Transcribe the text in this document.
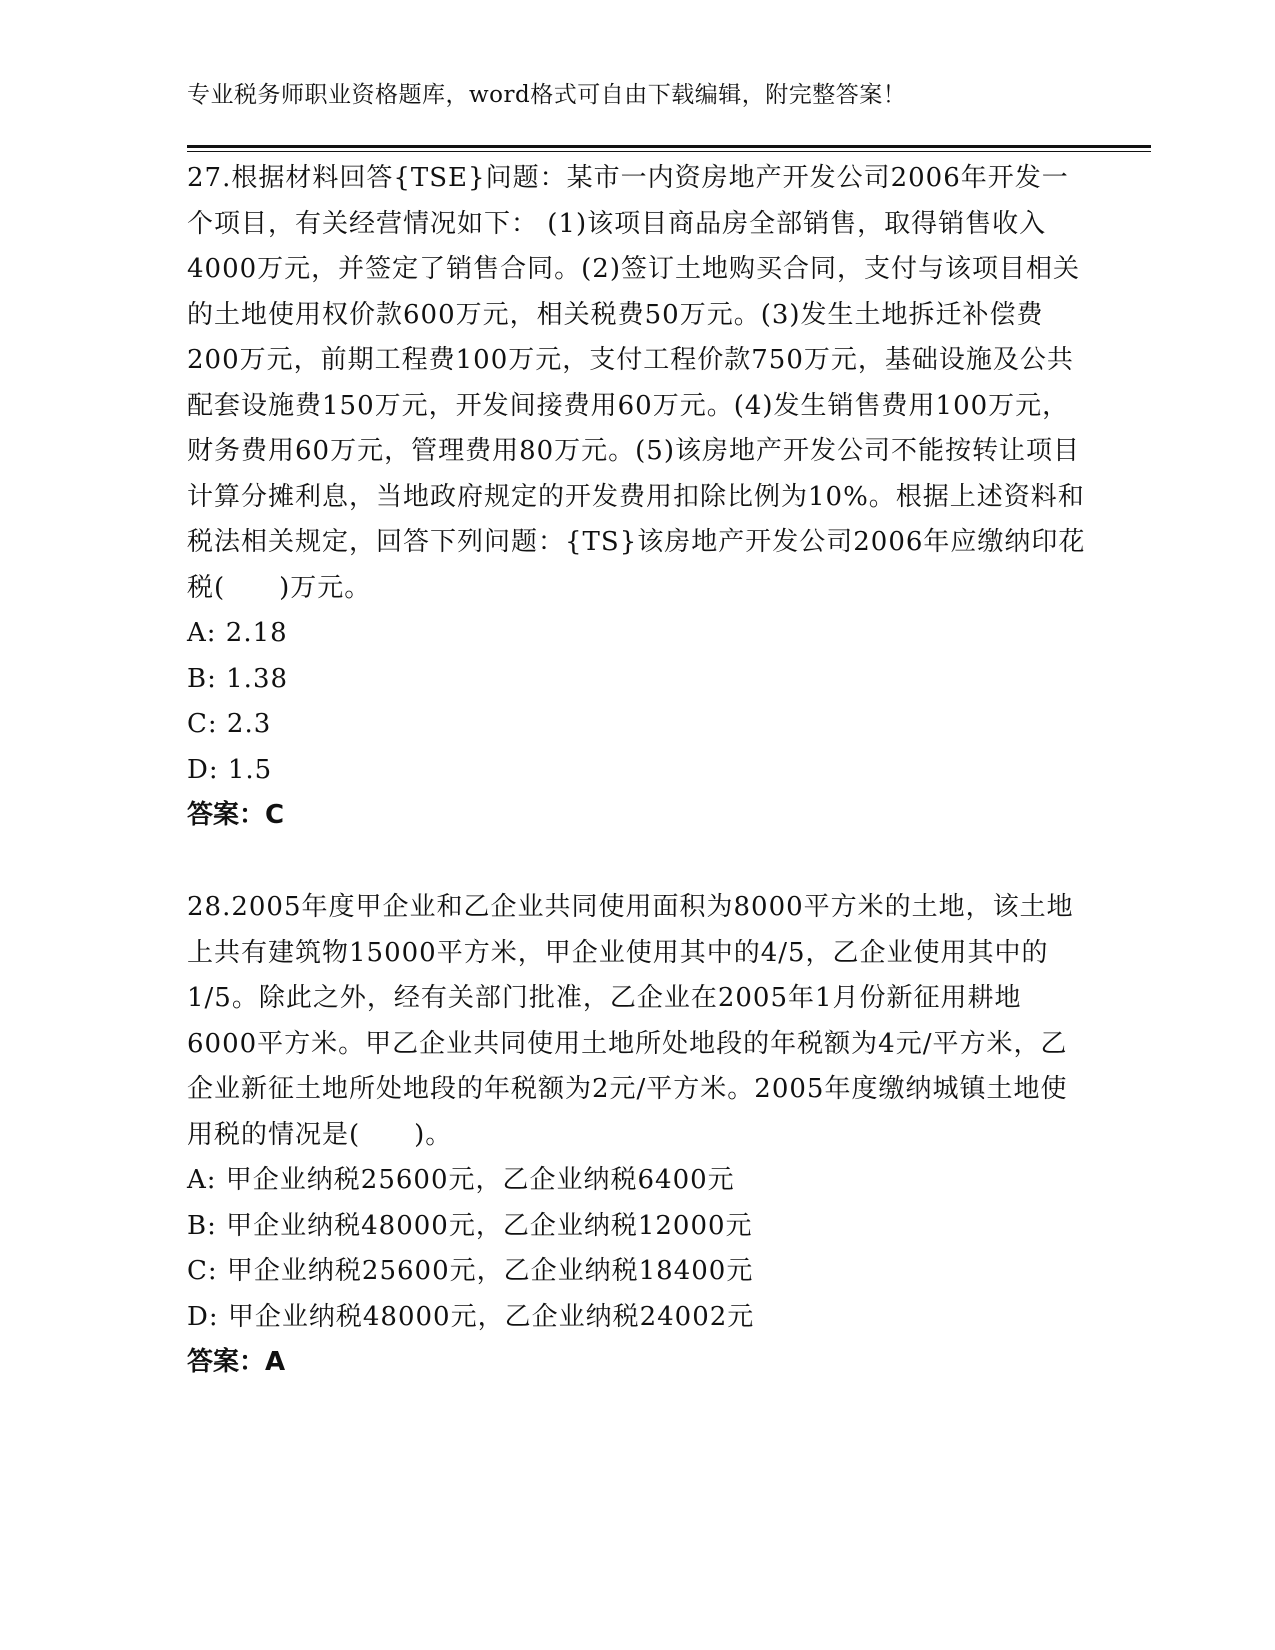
专业税务师职业资格题库，word格式可自由下载编辑，附完整答案！

27.根据材料回答{TSE}问题：某市一内资房地产开发公司2006年开发一个项目，有关经营情况如下： (1)该项目商品房全部销售，取得销售收入4000万元，并签定了销售合同。(2)签订土地购买合同，支付与该项目相关的土地使用权价款600万元，相关税费50万元。(3)发生土地拆迁补偿费200万元，前期工程费100万元，支付工程价款750万元，基础设施及公共配套设施费150万元，开发间接费用60万元。(4)发生销售费用100万元，财务费用60万元，管理费用80万元。(5)该房地产开发公司不能按转让项目计算分摊利息，当地政府规定的开发费用扣除比例为10%。根据上述资料和税法相关规定，回答下列问题：{TS}该房地产开发公司2006年应缴纳印花税(　　)万元。

A: 2.18
B: 1.38
C: 2.3
D: 1.5
答案：C

28.2005年度甲企业和乙企业共同使用面积为8000平方米的土地，该土地上共有建筑物15000平方米，甲企业使用其中的4/5，乙企业使用其中的1/5。除此之外，经有关部门批准，乙企业在2005年1月份新征用耕地6000平方米。甲乙企业共同使用土地所处地段的年税额为4元/平方米，乙企业新征土地所处地段的年税额为2元/平方米。2005年度缴纳城镇土地使用税的情况是(　　)。

A: 甲企业纳税25600元，乙企业纳税6400元
B: 甲企业纳税48000元，乙企业纳税12000元
C: 甲企业纳税25600元，乙企业纳税18400元
D: 甲企业纳税48000元，乙企业纳税24002元
答案：A
